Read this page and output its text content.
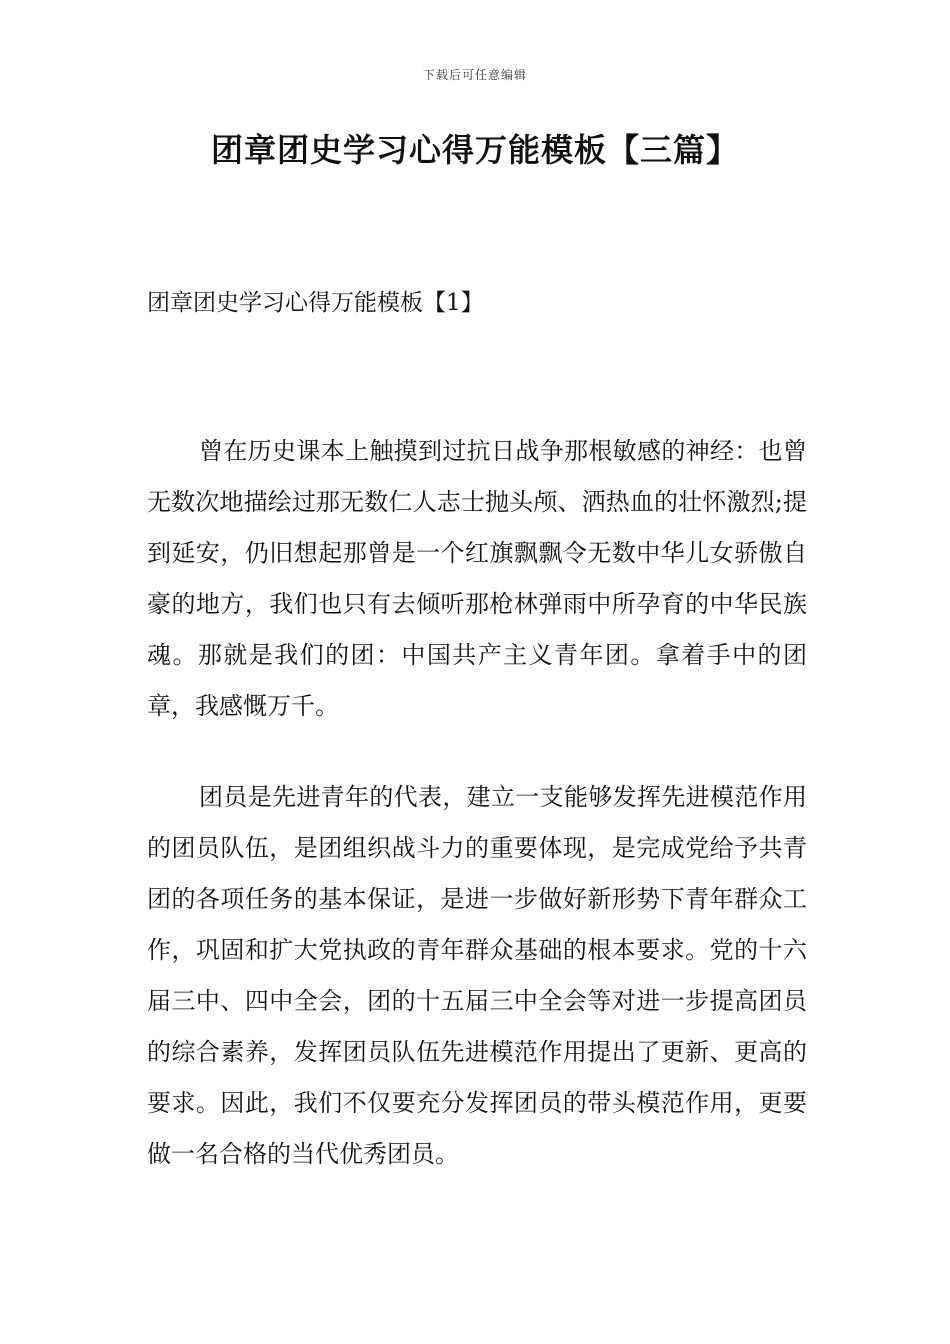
下载后可任意编辑
团章团史学习心得万能模板【三篇】
团章团史学习心得万能模板【1】

曾在历史课本上触摸到过抗日战争那根敏感的神经：也曾无数次地描绘过那无数仁人志士抛头颅、洒热血的壮怀激烈;提到延安，仍旧想起那曾是一个红旗飘飘令无数中华儿女骄傲自豪的地方，我们也只有去倾听那枪林弹雨中所孕育的中华民族魂。那就是我们的团：中国共产主义青年团。拿着手中的团章，我感慨万千。

团员是先进青年的代表，建立一支能够发挥先进模范作用的团员队伍，是团组织战斗力的重要体现，是完成党给予共青团的各项任务的基本保证，是进一步做好新形势下青年群众工作，巩固和扩大党执政的青年群众基础的根本要求。党的十六届三中、四中全会，团的十五届三中全会等对进一步提高团员的综合素养，发挥团员队伍先进模范作用提出了更新、更高的要求。因此，我们不仅要充分发挥团员的带头模范作用，更要做一名合格的当代优秀团员。
